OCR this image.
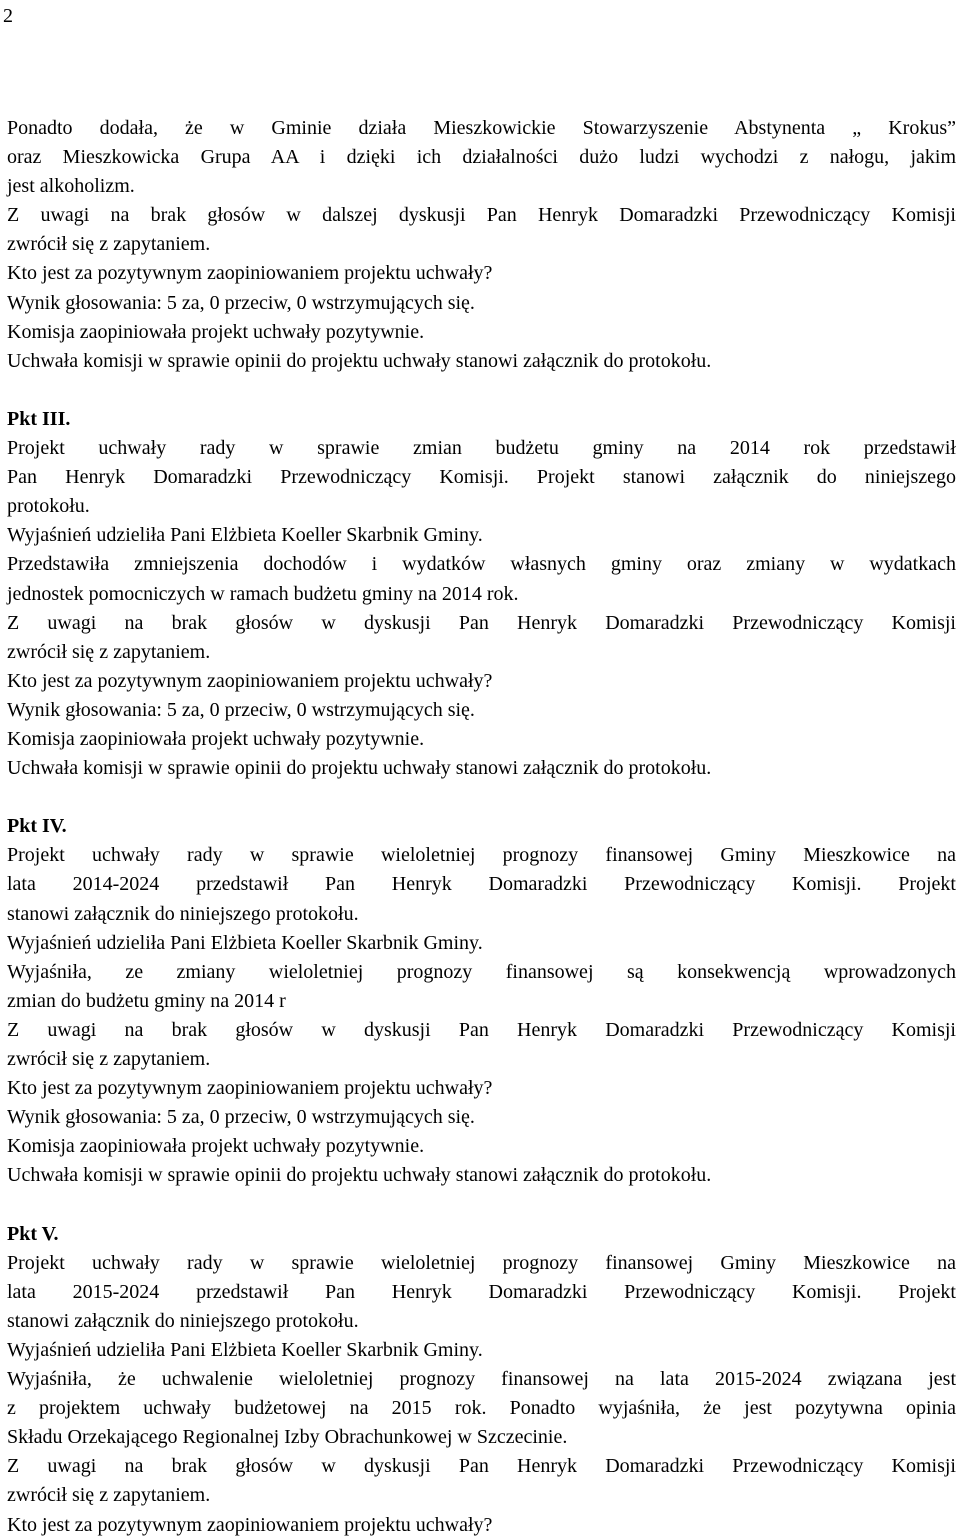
2
Ponadto dodała, że w Gminie działa Mieszkowickie Stowarzyszenie Abstynenta „ Krokus”
oraz Mieszkowicka Grupa AA i dzięki ich działalności dużo ludzi wychodzi z nałogu, jakim
jest alkoholizm.
Z uwagi na brak głosów w dalszej dyskusji Pan Henryk Domaradzki Przewodniczący Komisji
zwrócił się z zapytaniem.
Kto jest za pozytywnym zaopiniowaniem projektu uchwały?
Wynik głosowania: 5 za, 0 przeciw, 0 wstrzymujących się.
Komisja zaopiniowała projekt uchwały pozytywnie.
Uchwała komisji w sprawie opinii do projektu uchwały stanowi załącznik do protokołu.
Pkt III.
Projekt uchwały rady w sprawie zmian budżetu gminy na 2014 rok przedstawił
Pan Henryk Domaradzki Przewodniczący Komisji. Projekt stanowi załącznik do niniejszego
protokołu.
Wyjaśnień udzieliła Pani Elżbieta Koeller Skarbnik Gminy.
Przedstawiła zmniejszenia dochodów i wydatków własnych gminy oraz zmiany w wydatkach
jednostek pomocniczych w ramach budżetu gminy na 2014 rok.
Z uwagi na brak głosów w dyskusji Pan Henryk Domaradzki Przewodniczący Komisji
zwrócił się z zapytaniem.
Kto jest za pozytywnym zaopiniowaniem projektu uchwały?
Wynik głosowania: 5 za, 0 przeciw, 0 wstrzymujących się.
Komisja zaopiniowała projekt uchwały pozytywnie.
Uchwała komisji w sprawie opinii do projektu uchwały stanowi załącznik do protokołu.
Pkt IV.
Projekt uchwały rady w sprawie wieloletniej prognozy finansowej Gminy Mieszkowice na
lata 2014-2024 przedstawił Pan Henryk Domaradzki Przewodniczący Komisji. Projekt
stanowi załącznik do niniejszego protokołu.
Wyjaśnień udzieliła Pani Elżbieta Koeller Skarbnik Gminy.
Wyjaśniła, ze zmiany wieloletniej prognozy finansowej są konsekwencją wprowadzonych
zmian do budżetu gminy na 2014 r
Z uwagi na brak głosów w dyskusji Pan Henryk Domaradzki Przewodniczący Komisji
zwrócił się z zapytaniem.
Kto jest za pozytywnym zaopiniowaniem projektu uchwały?
Wynik głosowania: 5 za, 0 przeciw, 0 wstrzymujących się.
Komisja zaopiniowała projekt uchwały pozytywnie.
Uchwała komisji w sprawie opinii do projektu uchwały stanowi załącznik do protokołu.
Pkt V.
Projekt uchwały rady w sprawie wieloletniej prognozy finansowej Gminy Mieszkowice na
lata 2015-2024 przedstawił Pan Henryk Domaradzki Przewodniczący Komisji. Projekt
stanowi załącznik do niniejszego protokołu.
Wyjaśnień udzieliła Pani Elżbieta Koeller Skarbnik Gminy.
Wyjaśniła, że uchwalenie wieloletniej prognozy finansowej na lata 2015-2024 związana jest
z projektem uchwały budżetowej na 2015 rok. Ponadto wyjaśniła, że jest pozytywna opinia
Składu Orzekającego Regionalnej Izby Obrachunkowej w Szczecinie.
Z uwagi na brak głosów w dyskusji Pan Henryk Domaradzki Przewodniczący Komisji
zwrócił się z zapytaniem.
Kto jest za pozytywnym zaopiniowaniem projektu uchwały?
